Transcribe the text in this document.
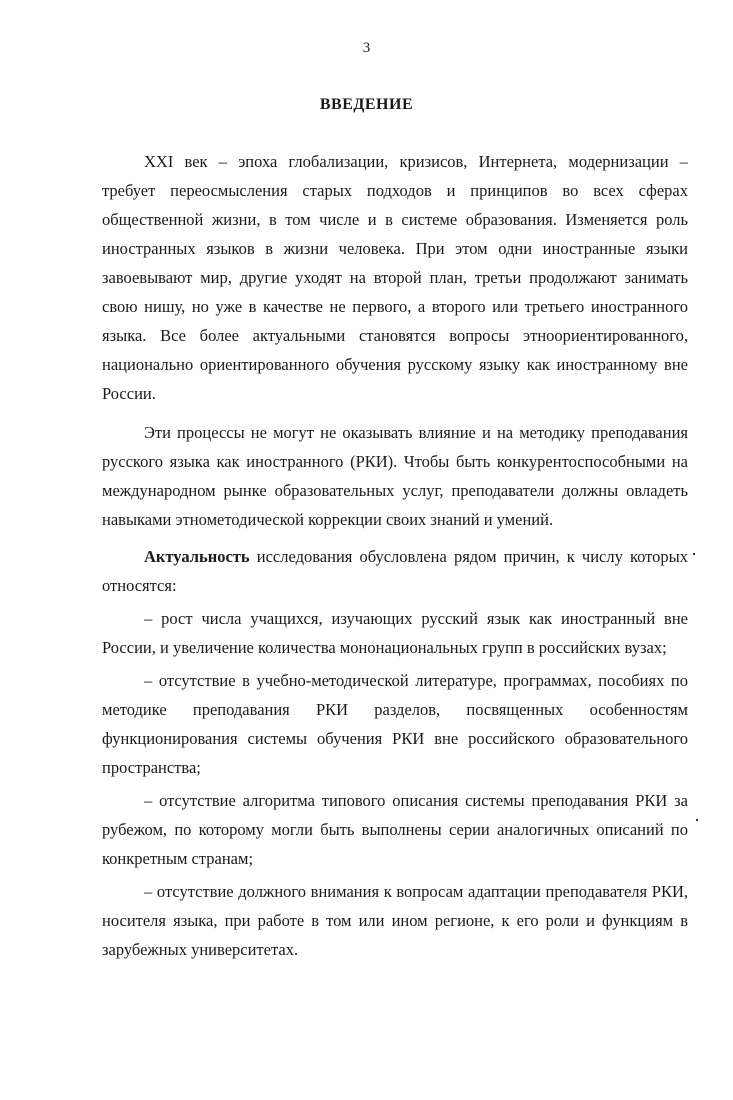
3
ВВЕДЕНИЕ

XXI век – эпоха глобализации, кризисов, Интернета, модернизации – требует переосмысления старых подходов и принципов во всех сферах общественной жизни, в том числе и в системе образования. Изменяется роль иностранных языков в жизни человека. При этом одни иностранные языки завоевывают мир, другие уходят на второй план, третьи продолжают занимать свою нишу, но уже в качестве не первого, а второго или третьего иностранного языка. Все более актуальными становятся вопросы этноориентированного, национально ориентированного обучения русскому языку как иностранному вне России.

Эти процессы не могут не оказывать влияние и на методику преподавания русского языка как иностранного (РКИ). Чтобы быть конкурентоспособными на международном рынке образовательных услуг, преподаватели должны овладеть навыками этнометодической коррекции своих знаний и умений.

Актуальность исследования обусловлена рядом причин, к числу которых относятся:

– рост числа учащихся, изучающих русский язык как иностранный вне России, и увеличение количества мононациональных групп в российских вузах;

– отсутствие в учебно-методической литературе, программах, пособиях по методике преподавания РКИ разделов, посвященных особенностям функционирования системы обучения РКИ вне российского образовательного пространства;

– отсутствие алгоритма типового описания системы преподавания РКИ за рубежом, по которому могли быть выполнены серии аналогичных описаний по конкретным странам;

– отсутствие должного внимания к вопросам адаптации преподавателя РКИ, носителя языка, при работе в том или ином регионе, к его роли и функциям в зарубежных университетах.
